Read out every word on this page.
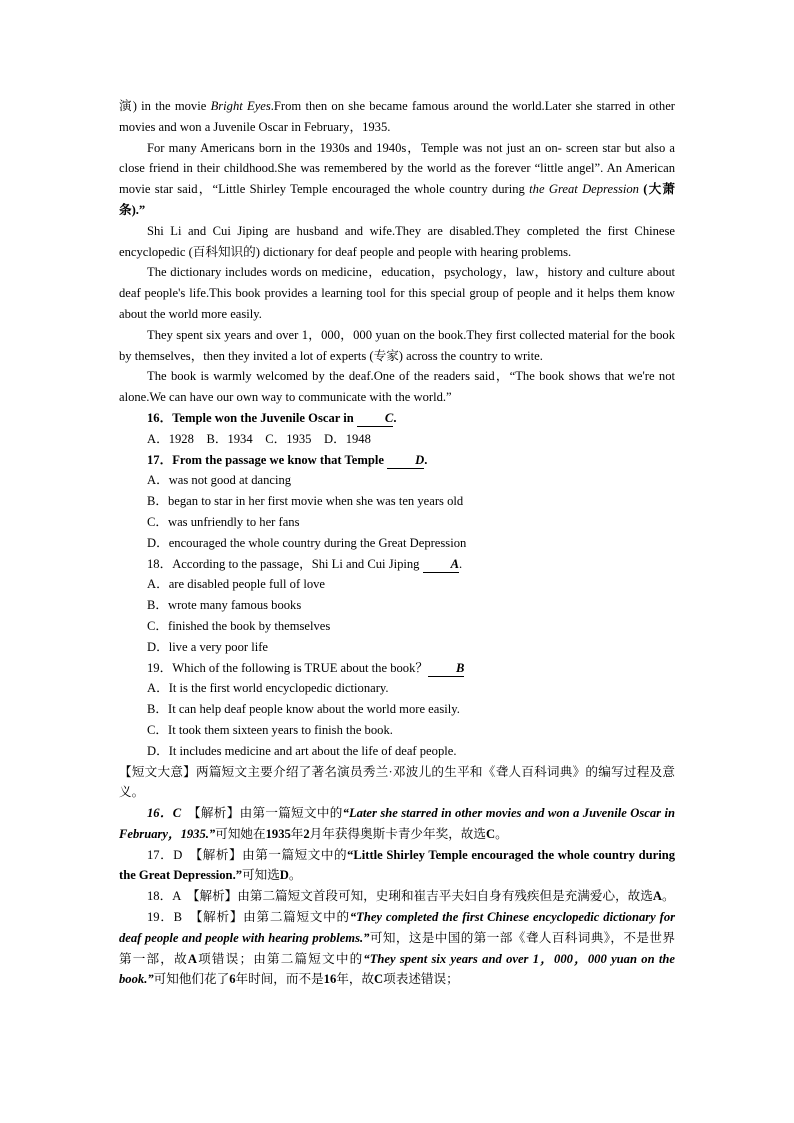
演) in the movie Bright Eyes.From then on she became famous around the world.Later she starred in other movies and won a Juvenile Oscar in February，1935.

For many Americans born in the 1930s and 1940s，Temple was not just an on- screen star but also a close friend in their childhood.She was remembered by the world as the forever “little angel”. An American movie star said，“Little Shirley Temple encouraged the whole country during the Great Depression (大萧条).”

Shi Li and Cui Jiping are husband and wife.They are disabled.They completed the first Chinese encyclopedic (百科知识的) dictionary for deaf people and people with hearing problems.

The dictionary includes words on medicine，education，psychology，law，history and culture about deaf people's life.This book provides a learning tool for this special group of people and it helps them know about the world more easily.

They spent six years and over 1，000，000 yuan on the book.They first collected material for the book by themselves，then they invited a lot of experts (专家) across the country to write.

The book is warmly welcomed by the deaf.One of the readers said，“The book shows that we're not alone.We can have our own way to communicate with the world.”

16．Temple won the Juvenile Oscar in C.

A．1928　B．1934　C．1935　D．1948

17．From the passage we know that Temple D.

A．was not good at dancing

B．began to star in her first movie when she was ten years old

C．was unfriendly to her fans

D．encouraged the whole country during the Great Depression

18．According to the passage，Shi Li and Cui Jiping A.

A．are disabled people full of love

B．wrote many famous books

C．finished the book by themselves

D．live a very poor life

19．Which of the following is TRUE about the book？ B

A．It is the first world encyclopedic dictionary.

B．It can help deaf people know about the world more easily.

C．It took them sixteen years to finish the book.

D．It includes medicine and art about the life of deaf people.

【短文大意】两篇短文主要介绍了著名演员秀兰·邓波儿的生平和《聋人百科词典》的编写过程及意义。

16．C　 【解析】由第一篇短文中的“Later she starred in other movies and won a Juvenile Oscar in February，1935.”可知她在1935年2月年获得奥斯卡青少年奖，故选C。

17．D　 【解析】由第一篇短文中的“Little Shirley Temple encouraged the whole country during the Great Depression.”可知选D。

18．A　 【解析】由第二篇短文首段可知，史琍和崔吉平夫妇自身有残疾但是充满爱心，故选A。

19．B　 【解析】由第二篇短文中的“They completed the first Chinese encyclopedic dictionary for deaf people and people with hearing problems.”可知，这是中国的第一部《聋人百科词典》，不是世界第一部，故A项错误；由第二篇短文中的“They spent six years and over 1，000，000 yuan on the book.”可知他们花了6年时间，而不是16年，故C项表述错误；
